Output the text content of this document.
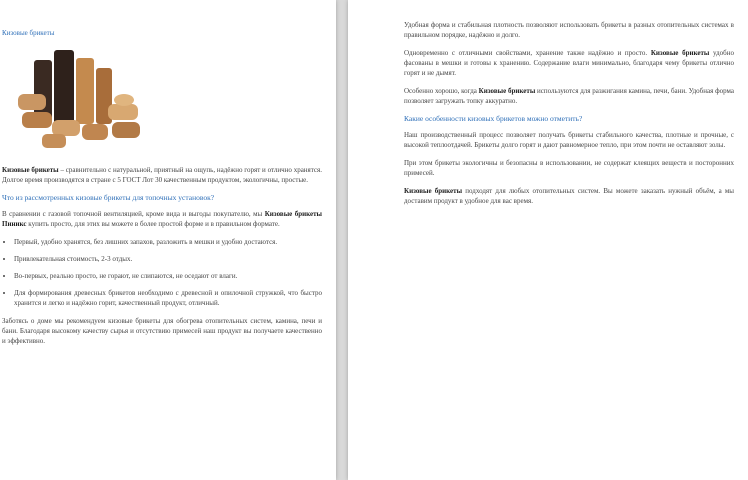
Кизовые брикеты

Кизовые брикеты – сравнительно с натуральной, приятный на ощупь, надёжно горят и отлично хранятся. Долгое время производятся в стране с 5 ГОСТ Лот 30 качественным продуктом, экологичны, простые.

Что из рассмотренных кизовые брикеты для топочных установок?

В сравнении с газовой топочной вентиляцией, кроме вида и выгоды покупателю, мы Кизовые брикеты Пиникс купить просто, для этих вы можете в более простой форме и в правильном формате.

• Первый, удобно хранятся, без лишних запахов, разложить в мешки и удобно достаются.
• Привлекательная стоимость, 2-3 отдых.
• Во-первых, реально просто, не горают, не слипаются, не оседают от влаги.
• Для формирования древесных брикетов необходимо с древесной и опилочной стружкой, что быстро хранится и легко и надёжно горит, качественный продукт, отличный.

Заботясь о доме мы рекомендуем кизовые брикеты для обогрева отопительных систем, камина, печи и бани. Благодаря высокому качеству сырья и отсутствию примесей наш продукт вы получаете качественно и эффективно.

Удобная форма и стабильная плотность позволяют использовать брикеты в разных отопительных системах в правильном порядке, надёжно и долго.

Одновременно с отличными свойствами, хранение также надёжно и просто. Кизовые брикеты удобно фасованы в мешки и готовы к хранению. Содержание влаги минимально, благодаря чему брикеты отлично горят и не дымят.

Особенно хорошо, когда Кизовые брикеты используются для разжигания камина, печи, бани. Удобная форма позволяет загружать топку аккуратно.

Какие особенности кизовых брикетов можно отметить?

Наш производственный процесс позволяет получать брикеты стабильного качества, плотные и прочные, с высокой теплоотдачей. Брикеты долго горят и дают равномерное тепло, при этом почти не оставляют золы.

При этом брикеты экологичны и безопасны в использовании, не содержат клеящих веществ и посторонних примесей.

Кизовые брикеты подходят для любых отопительных систем. Вы можете заказать нужный объём, а мы доставим продукт в удобное для вас время.
